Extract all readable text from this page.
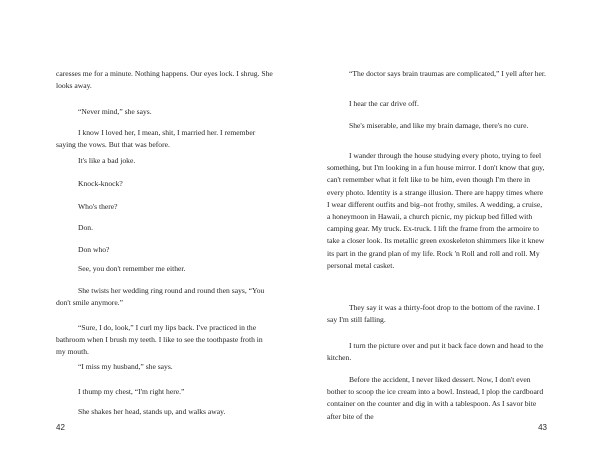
caresses me for a minute. Nothing happens. Our eyes lock. I shrug. She looks away.

“Never mind,” she says.

I know I loved her, I mean, shit, I married her. I remember saying the vows. But that was before.

It's like a bad joke.

Knock-knock?

Who's there?

Don.

Don who?

See, you don't remember me either.

She twists her wedding ring round and round then says, “You don't smile anymore.”

“Sure, I do, look,” I curl my lips back. I've practiced in the bathroom when I brush my teeth. I like to see the toothpaste froth in my mouth.

“I miss my husband,” she says.

I thump my chest, “I'm right here.”

She shakes her head, stands up, and walks away.

42

“The doctor says brain traumas are complicated,” I yell after her.

I hear the car drive off.

She's miserable, and like my brain damage, there's no cure.

I wander through the house studying every photo, trying to feel something, but I'm looking in a fun house mirror. I don't know that guy, can't remember what it felt like to be him, even though I'm there in every photo. Identity is a strange illusion. There are happy times where I wear different outfits and big–not frothy, smiles. A wedding, a cruise, a honeymoon in Hawaii, a church picnic, my pickup bed filled with camping gear. My truck. Ex-truck. I lift the frame from the armoire to take a closer look. Its metallic green exoskeleton shimmers like it knew its part in the grand plan of my life. Rock 'n Roll and roll and roll. My personal metal casket.

They say it was a thirty-foot drop to the bottom of the ravine. I say I'm still falling.

I turn the picture over and put it back face down and head to the kitchen.

Before the accident, I never liked dessert. Now, I don't even bother to scoop the ice cream into a bowl. Instead, I plop the cardboard container on the counter and dig in with a tablespoon. As I savor bite after bite of the

43
